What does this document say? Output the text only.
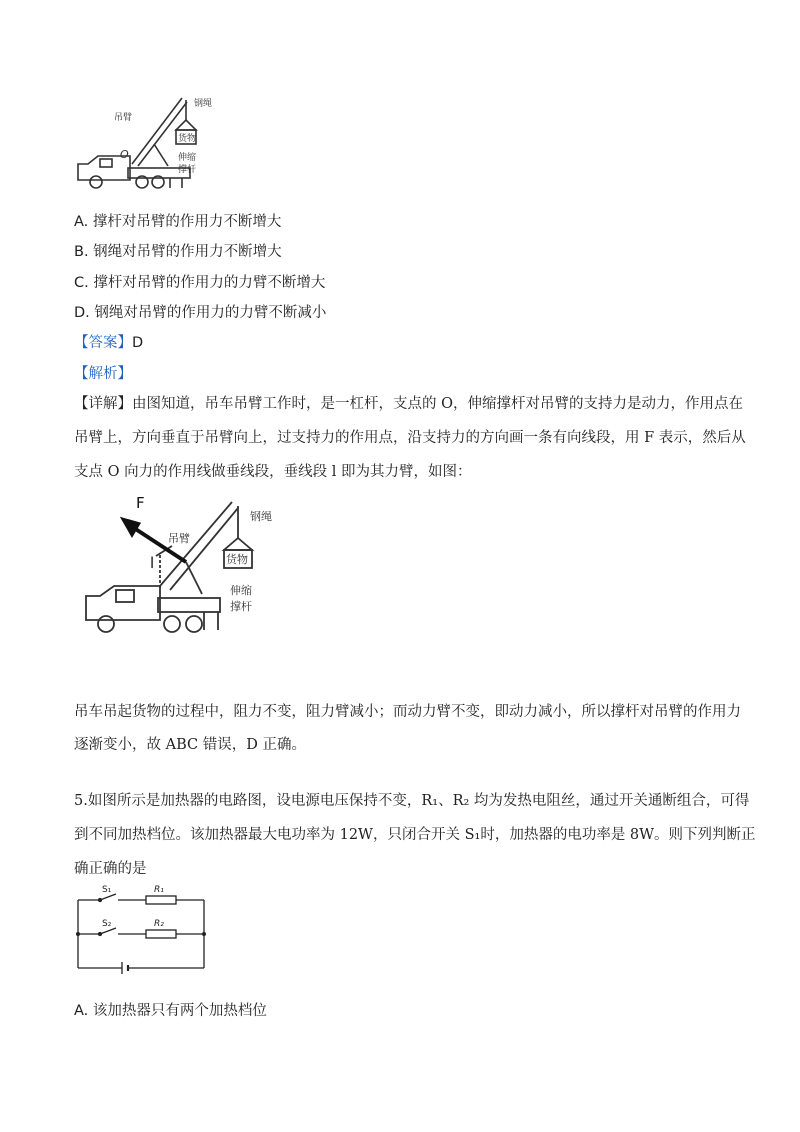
吊臂
钢绳
货物
O	伸缩
撑杆
A. 撑杆对吊臂的作用力不断增大
B. 钢绳对吊臂的作用力不断增大
C. 撑杆对吊臂的作用力的力臂不断增大
D. 钢绳对吊臂的作用力的力臂不断减小
【答案】D
【解析】
【详解】由图知道，吊车吊臂工作时，是一杠杆，支点的 O，伸缩撑杆对吊臂的支持力是动力，作用点在
吊臂上，方向垂直于吊臂向上，过支持力的作用点，沿支持力的方向画一条有向线段，用 F 表示，然后从
支点 O 向力的作用线做垂线段，垂线段 l 即为其力臂，如图：
F
l
吊臂
钢绳
货物
伸缩
撑杆
吊车吊起货物的过程中，阻力不变，阻力臂减小；而动力臂不变，即动力减小，所以撑杆对吊臂的作用力
逐渐变小，故 ABC 错误，D 正确。
5.如图所示是加热器的电路图，设电源电压保持不变，R₁、R₂ 均为发热电阻丝，通过开关通断组合，可得
到不同加热档位。该加热器最大电功率为 12W，只闭合开关 S₁时，加热器的电功率是 8W。则下列判断正
确正确的是
S₁	R₁
S₂	R₂
A. 该加热器只有两个加热档位
